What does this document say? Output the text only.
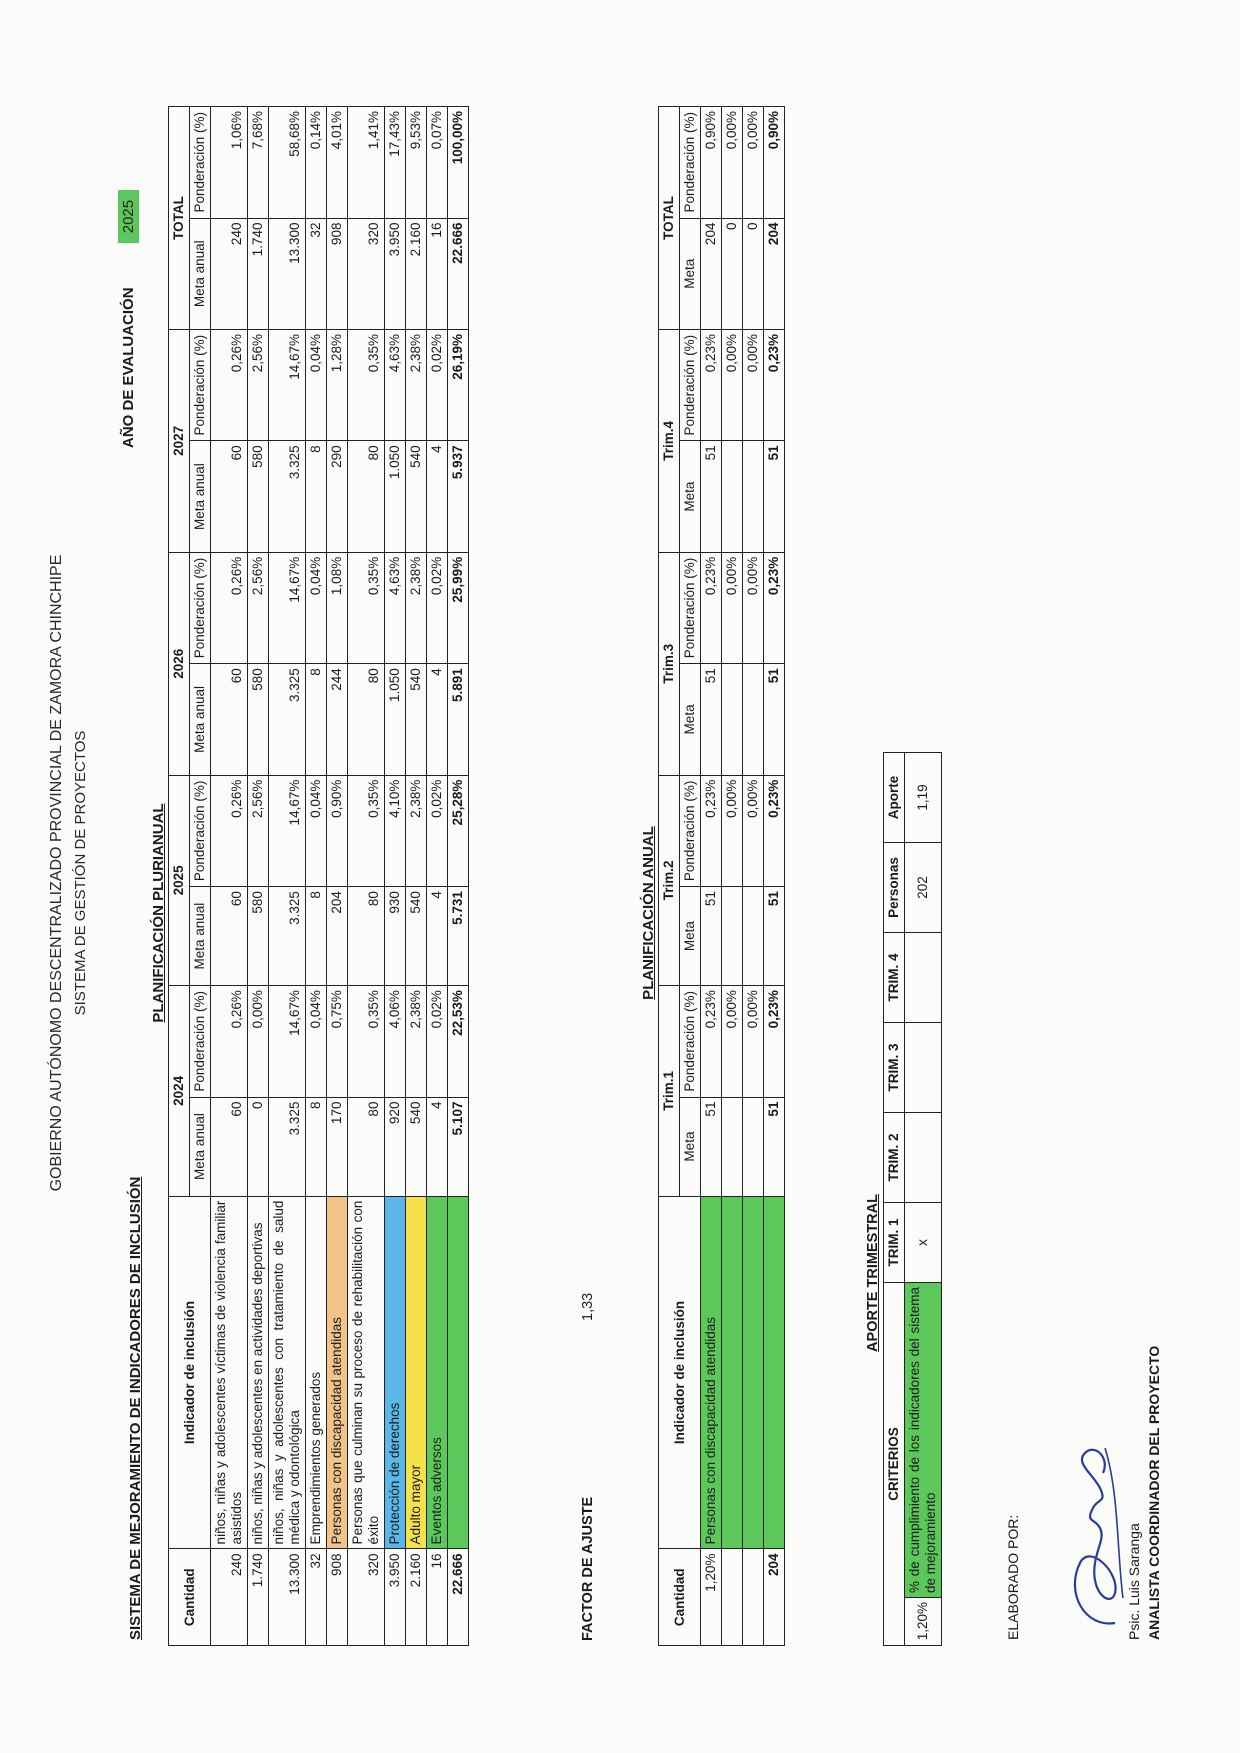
GOBIERNO AUTÓNOMO DESCENTRALIZADO PROVINCIAL DE ZAMORA CHINCHIPE SISTEMA DE GESTIÓN DE PROYECTOS
AÑO DE EVALUACIÓN 2025
SISTEMA DE MEJORAMIENTO DE INDICADORES DE INCLUSIÓN
PLANIFICACIÓN PLURIANUAL
Cantidad	Indicador de inclusión	2024		2025		2026		2027		TOTAL	
		Meta anual	Ponderación (%)	Meta anual	Ponderación (%)	Meta anual	Ponderación (%)	Meta anual	Ponderación (%)	Meta anual	Ponderación (%)
240	niños, niñas y adolescentes víctimas de violencia familiar asistidos	60	0,26%	60	0,26%	60	0,26%	60	0,26%	240	1,06%
1.740	niños, niñas y adolescentes en actividades deportivas	0	0,00%	580	2,56%	580	2,56%	580	2,56%	1.740	7,68%
13.300	niños, niñas y adolescentes con tratamiento de salud médica y odontológica	3.325	14,67%	3.325	14,67%	3.325	14,67%	3.325	14,67%	13.300	58,68%
32	Emprendimientos generados	8	0,04%	8	0,04%	8	0,04%	8	0,04%	32	0,14%
908	Personas con discapacidad atendidas	170	0,75%	204	0,90%	244	1,08%	290	1,28%	908	4,01%
320	Personas que culminan su proceso de rehabilitación con éxito	80	0,35%	80	0,35%	80	0,35%	80	0,35%	320	1,41%
3.950	Protección de derechos	920	4,06%	930	4,10%	1.050	4,63%	1.050	4,63%	3.950	17,43%
2.160	Adulto mayor	540	2,38%	540	2,38%	540	2,38%	540	2,38%	2.160	9,53%
16	Eventos adversos	4	0,02%	4	0,02%	4	0,02%	4	0,02%	16	0,07%
22.666		5.107	22,53%	5.731	25,28%	5.891	25,99%	5.937	26,19%	22.666	100,00%
FACTOR DE AJUSTE
1,33
PLANIFICACIÓN ANUAL
Cantidad	Indicador de inclusión	Trim.1		Trim.2		Trim.3		Trim.4		TOTAL	
		Meta	Ponderación (%)	Meta	Ponderación (%)	Meta	Ponderación (%)	Meta	Ponderación (%)	Meta	Ponderación (%)
1,20%	Personas con discapacidad atendidas	51	0,23%	51	0,23%	51	0,23%	51	0,23%	204	0,90%
			0,00%		0,00%		0,00%		0,00%	0	0,00%
			0,00%		0,00%		0,00%		0,00%	0	0,00%
204		51	0,23%	51	0,23%	51	0,23%	51	0,23%	204	0,90%
APORTE TRIMESTRAL
CRITERIOS		TRIM. 1	TRIM. 2	TRIM. 3	TRIM. 4	Personas	Aporte
1,20%	% de cumplimiento de los indicadores del sistema de mejoramiento	x				202	1,19
ELABORADO POR:	Psic. Luis Saranga ANALISTA COORDINADOR DEL PROYECTO
